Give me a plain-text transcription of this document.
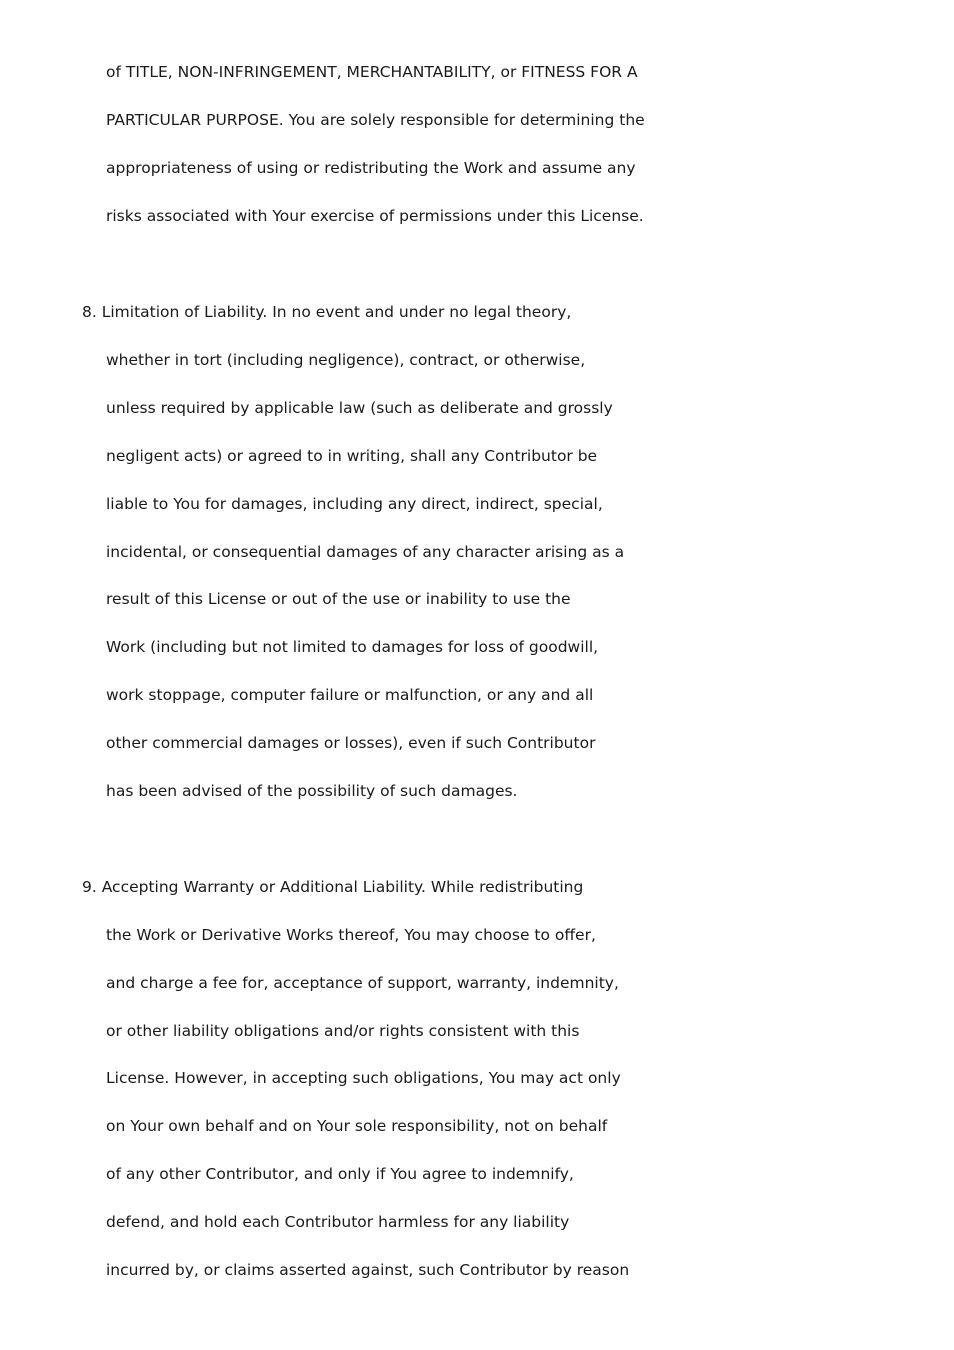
of TITLE, NON-INFRINGEMENT, MERCHANTABILITY, or FITNESS FOR A
PARTICULAR PURPOSE. You are solely responsible for determining the
appropriateness of using or redistributing the Work and assume any
risks associated with Your exercise of permissions under this License.
8. Limitation of Liability. In no event and under no legal theory,
whether in tort (including negligence), contract, or otherwise,
unless required by applicable law (such as deliberate and grossly
negligent acts) or agreed to in writing, shall any Contributor be
liable to You for damages, including any direct, indirect, special,
incidental, or consequential damages of any character arising as a
result of this License or out of the use or inability to use the
Work (including but not limited to damages for loss of goodwill,
work stoppage, computer failure or malfunction, or any and all
other commercial damages or losses), even if such Contributor
has been advised of the possibility of such damages.
9. Accepting Warranty or Additional Liability. While redistributing
the Work or Derivative Works thereof, You may choose to offer,
and charge a fee for, acceptance of support, warranty, indemnity,
or other liability obligations and/or rights consistent with this
License. However, in accepting such obligations, You may act only
on Your own behalf and on Your sole responsibility, not on behalf
of any other Contributor, and only if You agree to indemnify,
defend, and hold each Contributor harmless for any liability
incurred by, or claims asserted against, such Contributor by reason
